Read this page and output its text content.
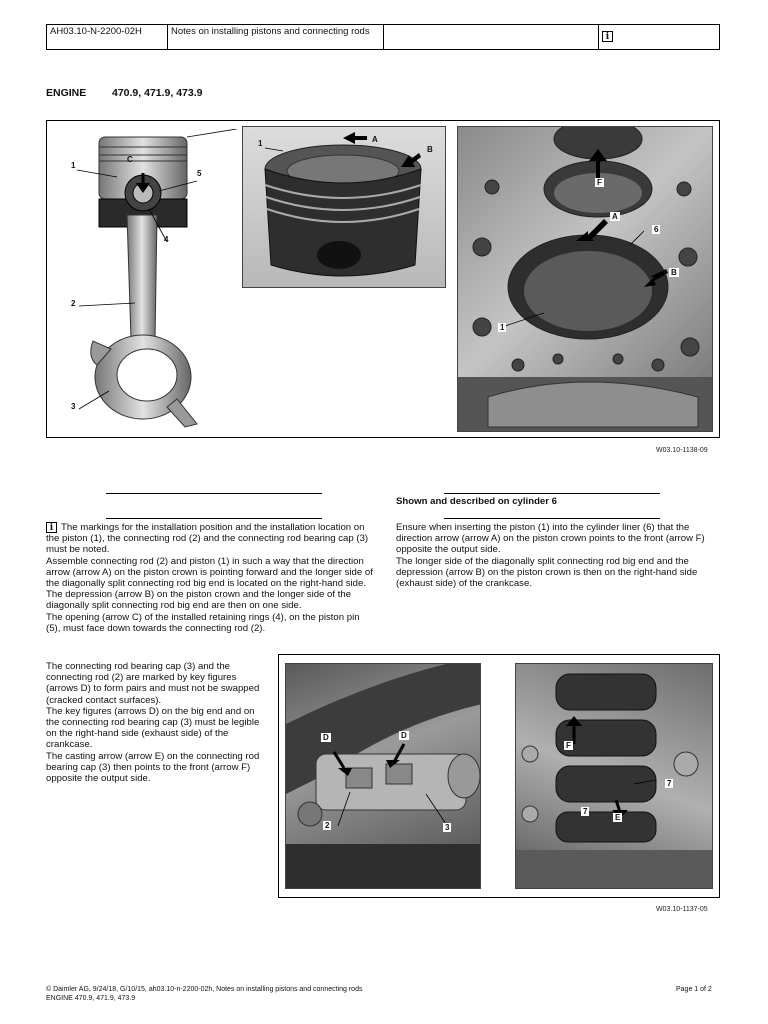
AH03.10-N-2200-02H	Notes on installing pistons and connecting rods	i
ENGINE 470.9, 471.9, 473.9
1
C
5
4
2
3
1	A
B
F
A
6
B
1
W03.10-1138-09
Shown and described on cylinder 6

i The markings for the installation position and the installation location on the piston (1), the connecting rod (2) and the connecting rod bearing cap (3) must be noted.

Assemble connecting rod (2) and piston (1) in such a way that the direction arrow (arrow A) on the piston crown is pointing forward and the longer side of the diagonally split connecting rod big end is located on the right-hand side. The depression (arrow B) on the piston crown and the longer side of the diagonally split connecting rod big end are then on one side.

The opening (arrow C) of the installed retaining rings (4), on the piston pin (5), must face down towards the connecting rod (2).

Ensure when inserting the piston (1) into the cylinder liner (6) that the direction arrow (arrow A) on the piston crown points to the front (arrow F) opposite the output side.

The longer side of the diagonally split connecting rod big end and the depression (arrow B) on the piston crown is then on the right-hand side (exhaust side) of the crankcase.

The connecting rod bearing cap (3) and the connecting rod (2) are marked by key figures (arrows D) to form pairs and must not be swapped (cracked contact surfaces).

The key figures (arrows D) on the big end and on the connecting rod bearing cap (3) must be legible on the right-hand side (exhaust side) of the crankcase.

The casting arrow (arrow E) on the connecting rod bearing cap (3) then points to the front (arrow F) opposite the output side.

D	D
2	3
F
7
7
E
W03.10-1137-05
© Daimler AG, 9/24/18, G/10/15, ah03.10-n-2200-02h, Notes on installing pistons and connecting rods
ENGINE 470.9, 471.9, 473.9
Page 1 of 2
